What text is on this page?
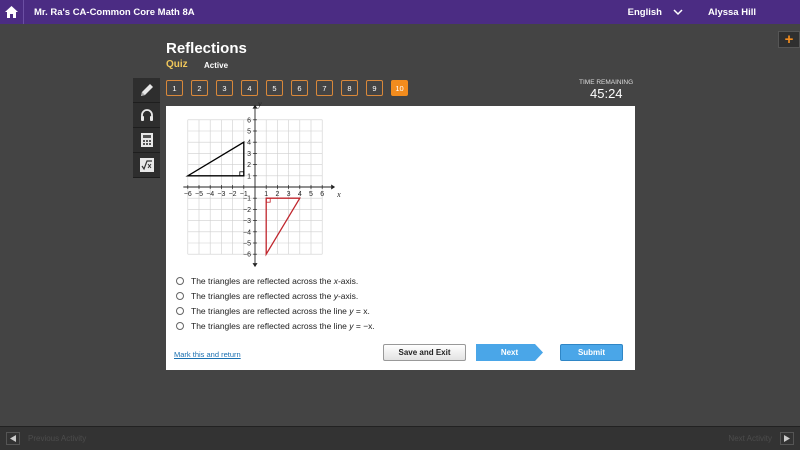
Mr. Ra's CA-Common Core Math 8A	English	Alyssa Hill
+
Reflections
Quiz Active
1	2	3	4	5	6	7	8	9	10
TIME REMAINING
45:24
−6 −5 −4 −3 −2 −1 1 2 3 4 5 6
6
5
4
3
2
1
−1
−2
−3
−4
−5
−6
x
y
The triangles are reflected across the x-axis.
The triangles are reflected across the y-axis.
The triangles are reflected across the line y = x.
The triangles are reflected across the line y = −x.
Mark this and return	Save and Exit	Next	Submit
Previous Activity	Next Activity
